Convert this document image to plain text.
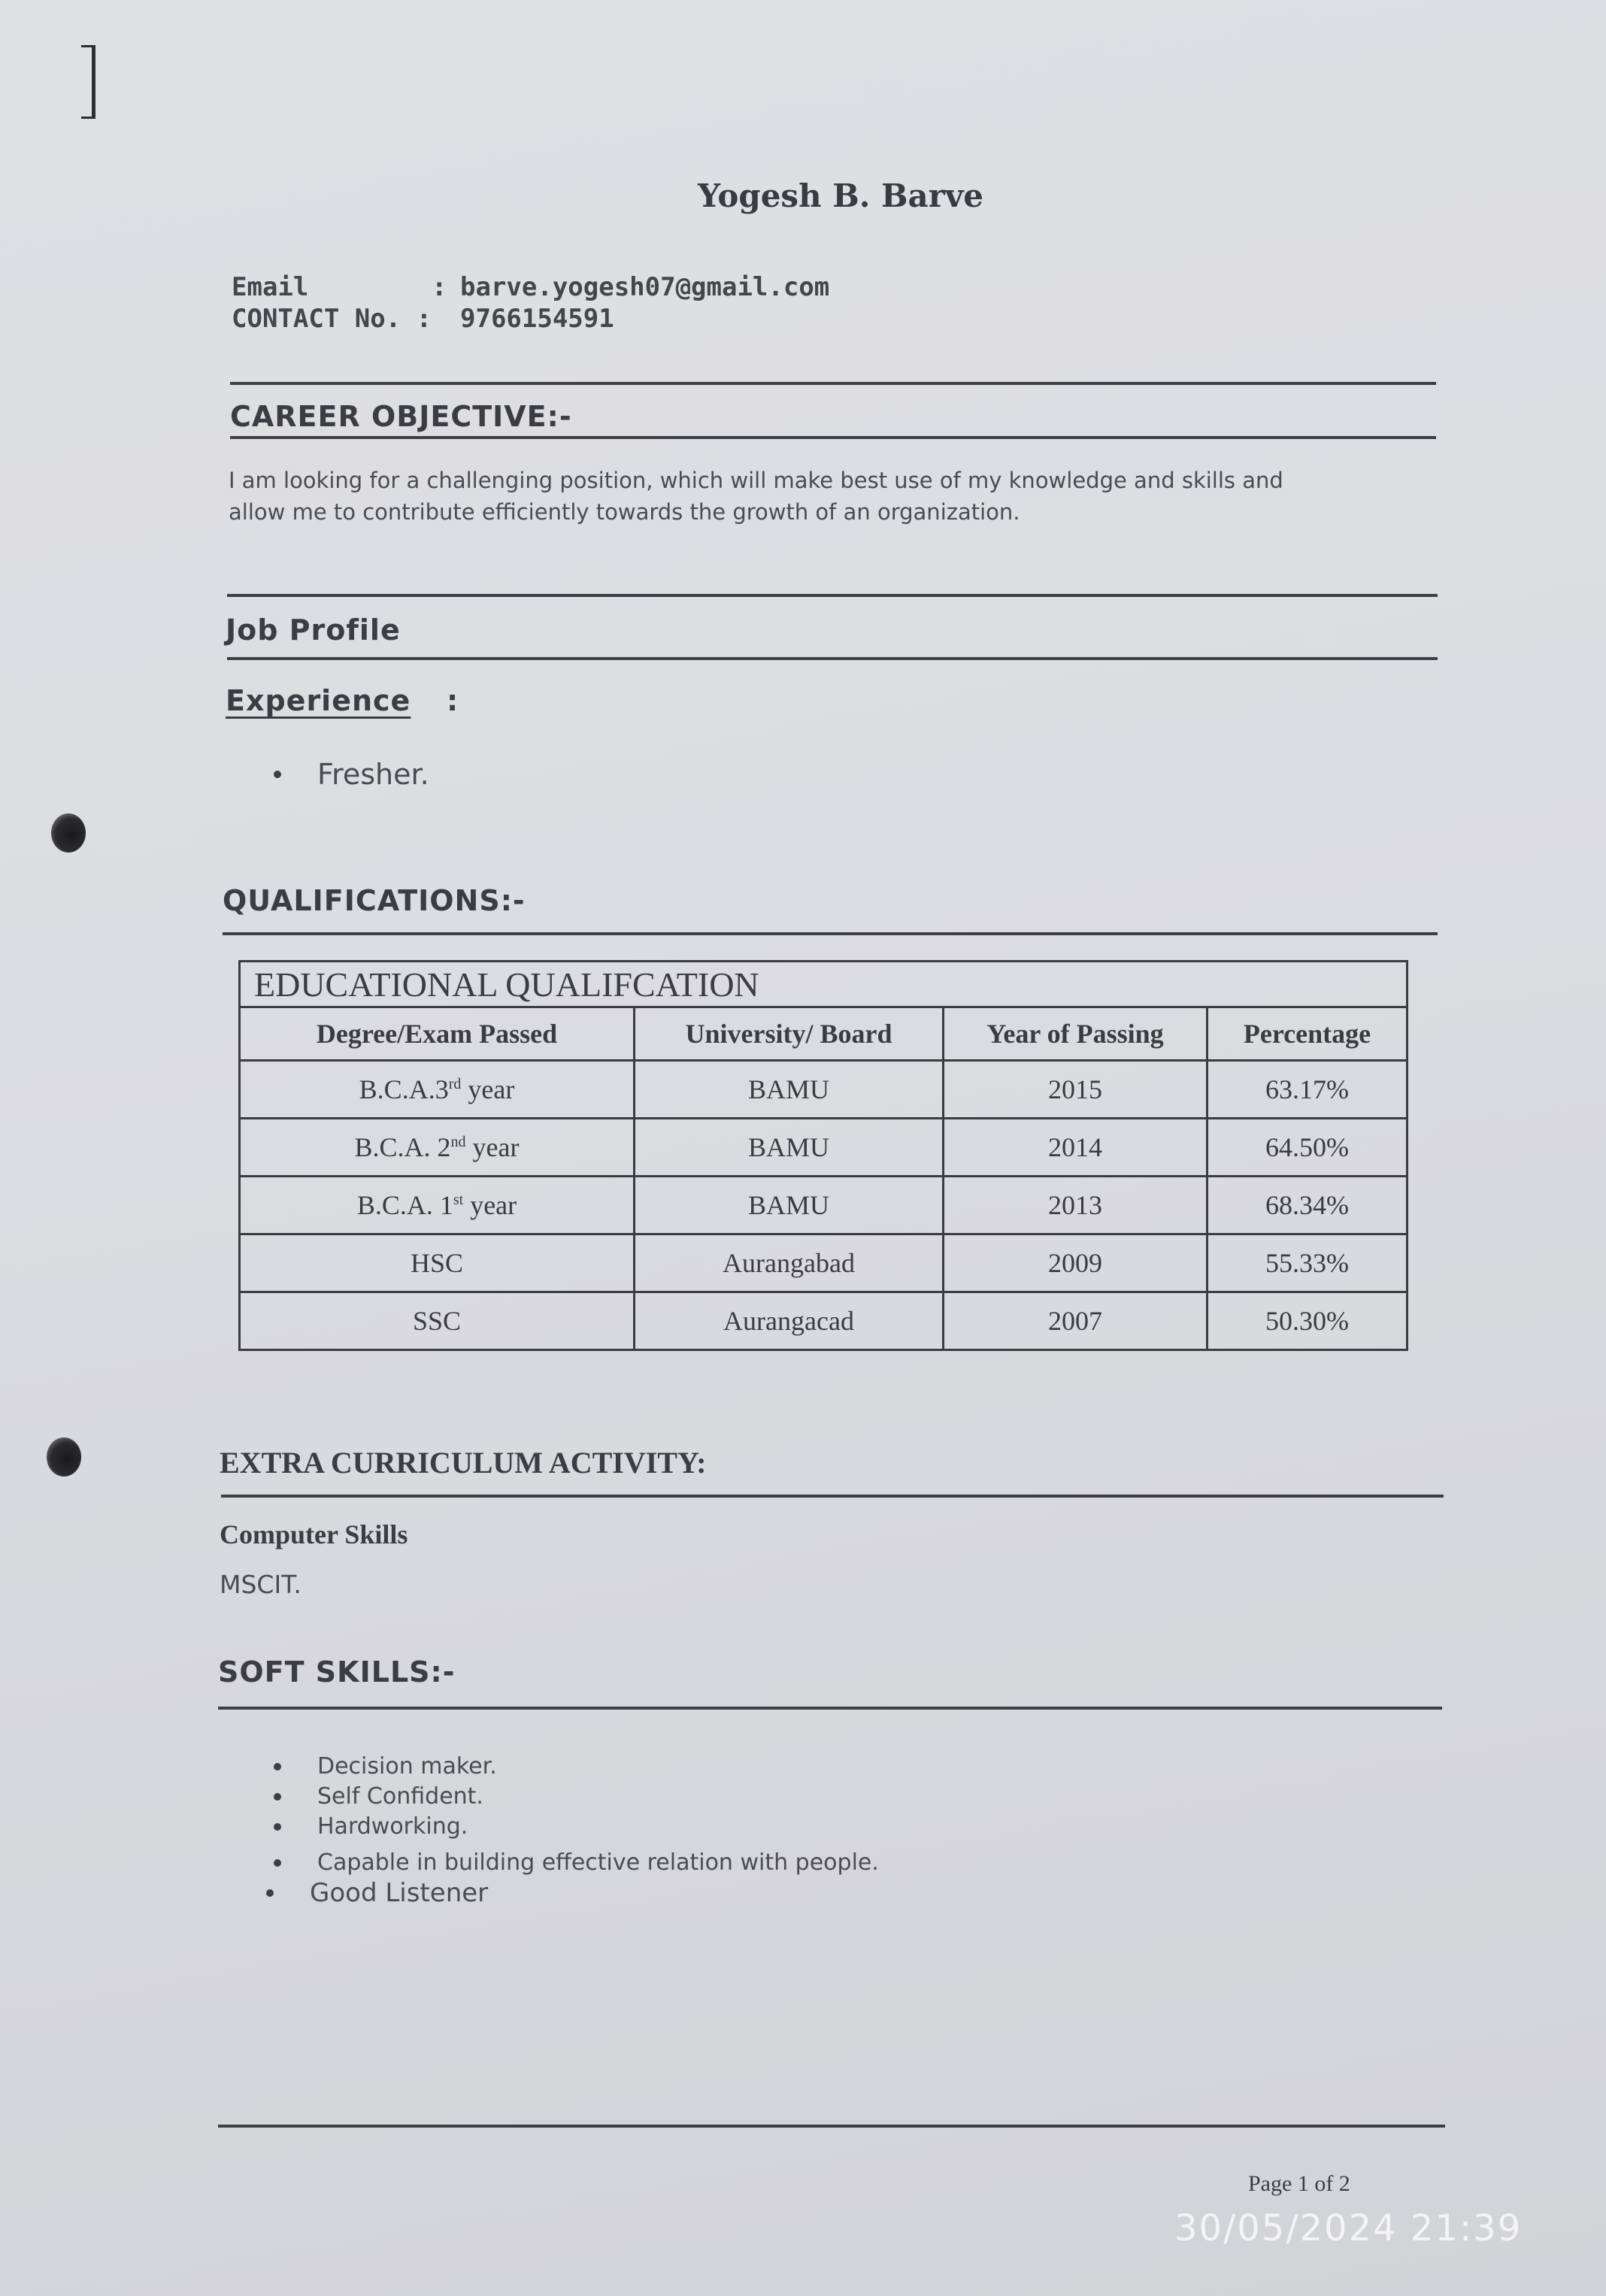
Yogesh B. Barve
Email	: barve.yogesh07@gmail.com
CONTACT No. : 9766154591
CAREER OBJECTIVE:-
I am looking for a challenging position, which will make best use of my knowledge and skills and
allow me to contribute efficiently towards the growth of an organization.
Job Profile
Experience :
Fresher.
QUALIFICATIONS:-
EDUCATIONAL QUALIFCATION			
Degree/Exam Passed	University/ Board	Year of Passing	Percentage
B.C.A.3rd year	BAMU	2015	63.17%
B.C.A. 2nd year	BAMU	2014	64.50%
B.C.A. 1st year	BAMU	2013	68.34%
HSC	Aurangabad	2009	55.33%
SSC	Aurangacad	2007	50.30%
EXTRA CURRICULUM ACTIVITY:
Computer Skills
MSCIT.
SOFT SKILLS:-
Decision maker.
Self Confident.
Hardworking.
Capable in building effective relation with people.
Good Listener
Page 1 of 2
30/05/2024 21:39
